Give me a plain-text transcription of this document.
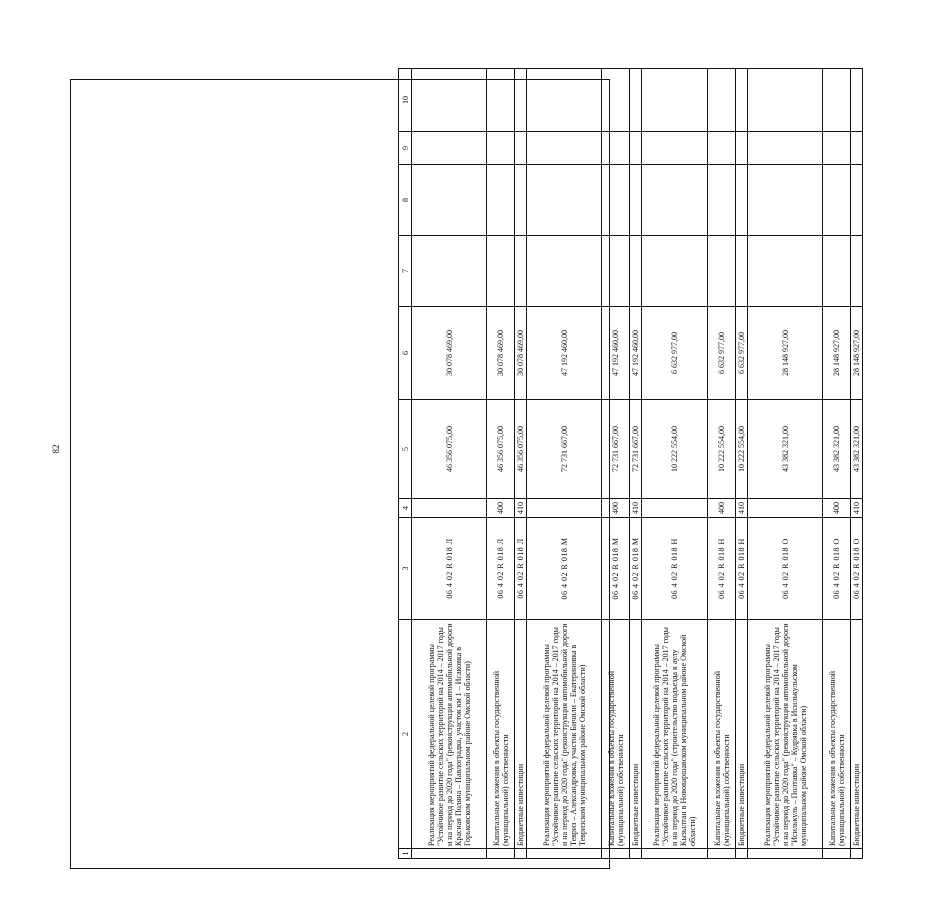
82
1	2	3	4	5	6	7	8	9	10
	Реализация мероприятий федеральной целевой программы "Устойчивое развитие сельских территорий на 2014 – 2017 годы и на период до 2020 года" (реконструкция автомобильной дороги Красная Поляна – Павлоградка, участок км 1 – Исаковка в Горьковском муниципальном районе Омской области)	06 4 02 R 018 Л		46 356 075,00	30 078 469,00				
	Капитальные вложения в объекты государственной (муниципальной) собственности	06 4 02 R 018 Л	400	46 356 075,00	30 078 469,00				
	Бюджетные инвестиции	06 4 02 R 018 Л	410	46 356 075,00	30 078 469,00				
	Реализация мероприятий федеральной целевой программы "Устойчивое развитие сельских территорий на 2014 – 2017 годы и на период до 2020 года" (реконструкция автомобильной дороги Тевриз – Александровка, участок Бичили – Екатериновка в Тевризском муниципальном районе Омской области)	06 4 02 R 018 М		72 731 667,00	47 192 460,00				
	Капитальные вложения в объекты государственной (муниципальной) собственности	06 4 02 R 018 М	400	72 731 667,00	47 192 460,00				
	Бюджетные инвестиции	06 4 02 R 018 М	410	72 731 667,00	47 192 460,00				
	Реализация мероприятий федеральной целевой программы "Устойчивое развитие сельских территорий на 2014 – 2017 годы и на период до 2020 года" (строительство подъезда к аулу Кызылтан в Нововаршавском муниципальном районе Омской области)	06 4 02 R 018 Н		10 222 554,00	6 632 977,00				
	Капитальные вложения в объекты государственной (муниципальной) собственности	06 4 02 R 018 Н	400	10 222 554,00	6 632 977,00				
	Бюджетные инвестиции	06 4 02 R 018 Н	410	10 222 554,00	6 632 977,00				
	Реализация мероприятий федеральной целевой программы "Устойчивое развитие сельских территорий на 2014 – 2017 годы и на период до 2020 года" (реконструкция автомобильной дороги "Исилькуль – Полтавка" – Кудрявка в Исилькульском муниципальном районе Омской области)	06 4 02 R 018 О		43 382 321,00	28 148 927,00				
	Капитальные вложения в объекты государственной (муниципальной) собственности	06 4 02 R 018 О	400	43 382 321,00	28 148 927,00				
	Бюджетные инвестиции	06 4 02 R 018 О	410	43 382 321,00	28 148 927,00				
